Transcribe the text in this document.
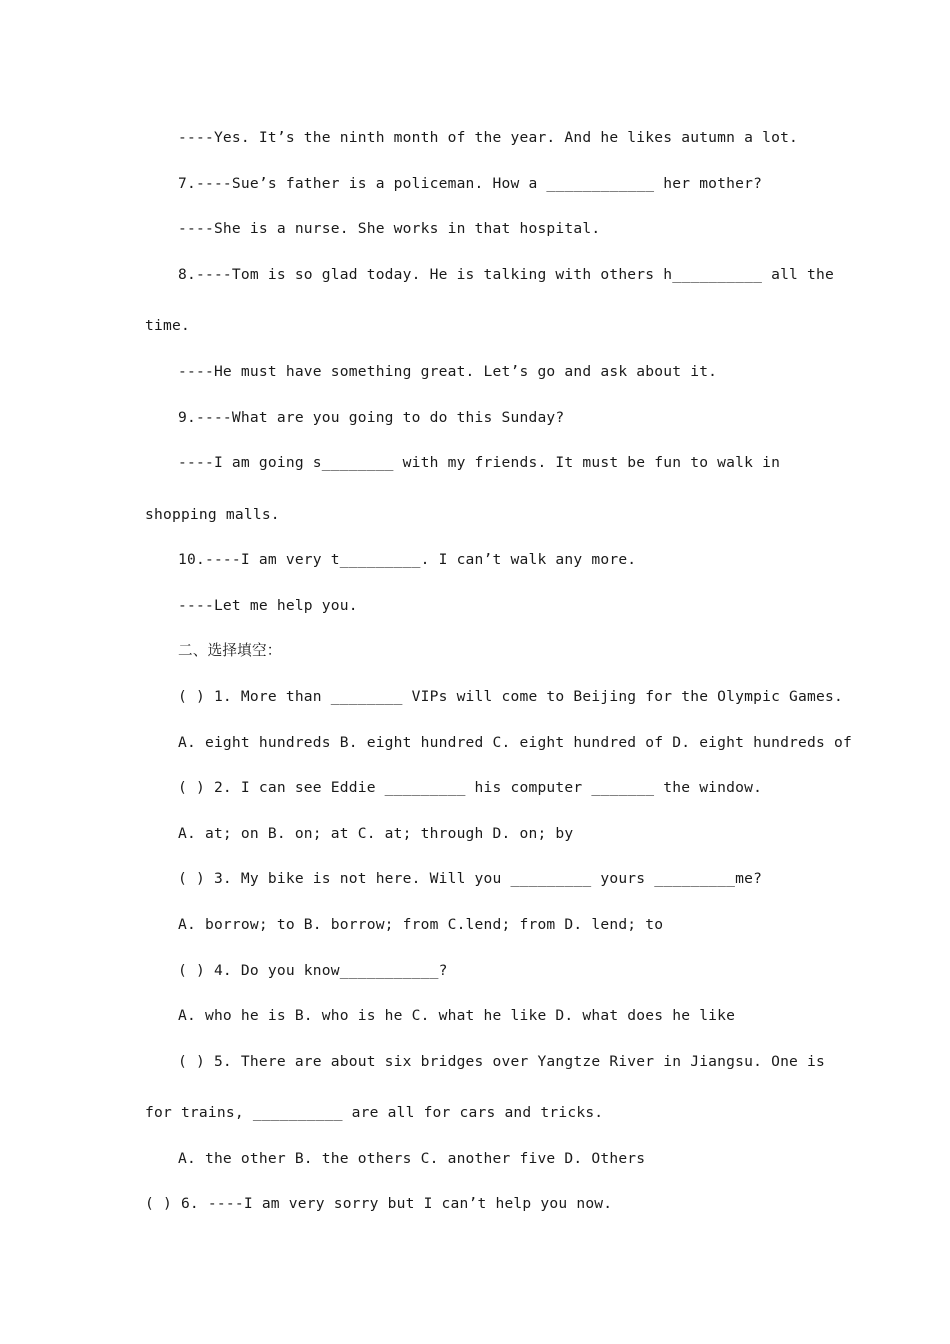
----Yes. It’s the ninth month of the year. And he likes autumn a lot.
7.----Sue’s father is a policeman. How a ____________ her mother?
----She is a nurse. She works in that hospital.
8.----Tom is so glad today. He is talking with others h__________ all the
time.
----He must have something great. Let’s go and ask about it.
9.----What are you going to do this Sunday?
----I am going s________ with my friends. It must be fun to walk in
shopping malls.
10.----I am very t_________. I can’t walk any more.
----Let me help you.
二、选择填空：
( ) 1. More than ________ VIPs will come to Beijing for the Olympic Games.
A. eight hundreds B. eight hundred C. eight hundred of D. eight hundreds of
( ) 2. I can see Eddie _________ his computer _______ the window.
A. at; on B. on; at C. at; through D. on; by
( ) 3. My bike is not here. Will you _________ yours _________me?
A. borrow; to B. borrow; from C.lend; from D. lend; to
( ) 4. Do you know___________?
A. who he is B. who is he C. what he like D. what does he like
( ) 5. There are about six bridges over Yangtze River in Jiangsu. One is
for trains, __________ are all for cars and tricks.
A. the other B. the others C. another five D. Others
( ) 6. ----I am very sorry but I can’t help you now.
